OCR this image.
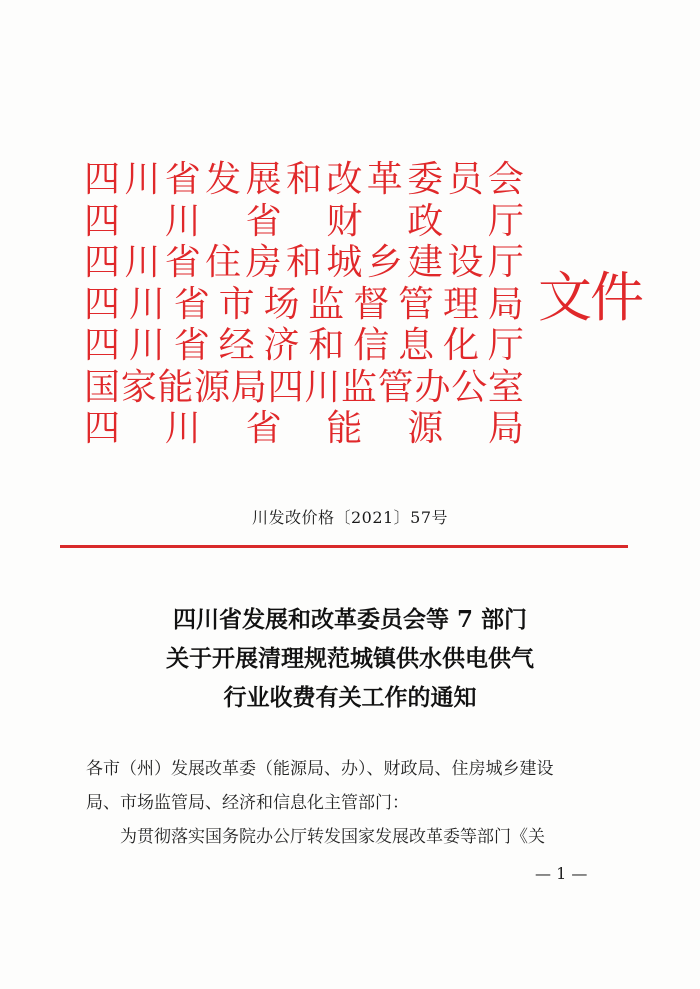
四 川 省 发 展 和 改 革 委 员 会
四 川 省 财 政 厅
四 川 省 住 房 和 城 乡 建 设 厅
四 川 省 市 场 监 督 管 理 局
四 川 省 经 济 和 信 息 化 厅
国 家 能 源 局 四 川 监 管 办 公 室
四 川 省 能 源 局
文件
川发改价格〔2021〕57号
四川省发展和改革委员会等 7 部门
关于开展清理规范城镇供水供电供气
行业收费有关工作的通知
各市（州）发展改革委（能源局、办）、财政局、住房城乡建设
局、市场监管局、经济和信息化主管部门：
为贯彻落实国务院办公厅转发国家发展改革委等部门《关
— 1 —
